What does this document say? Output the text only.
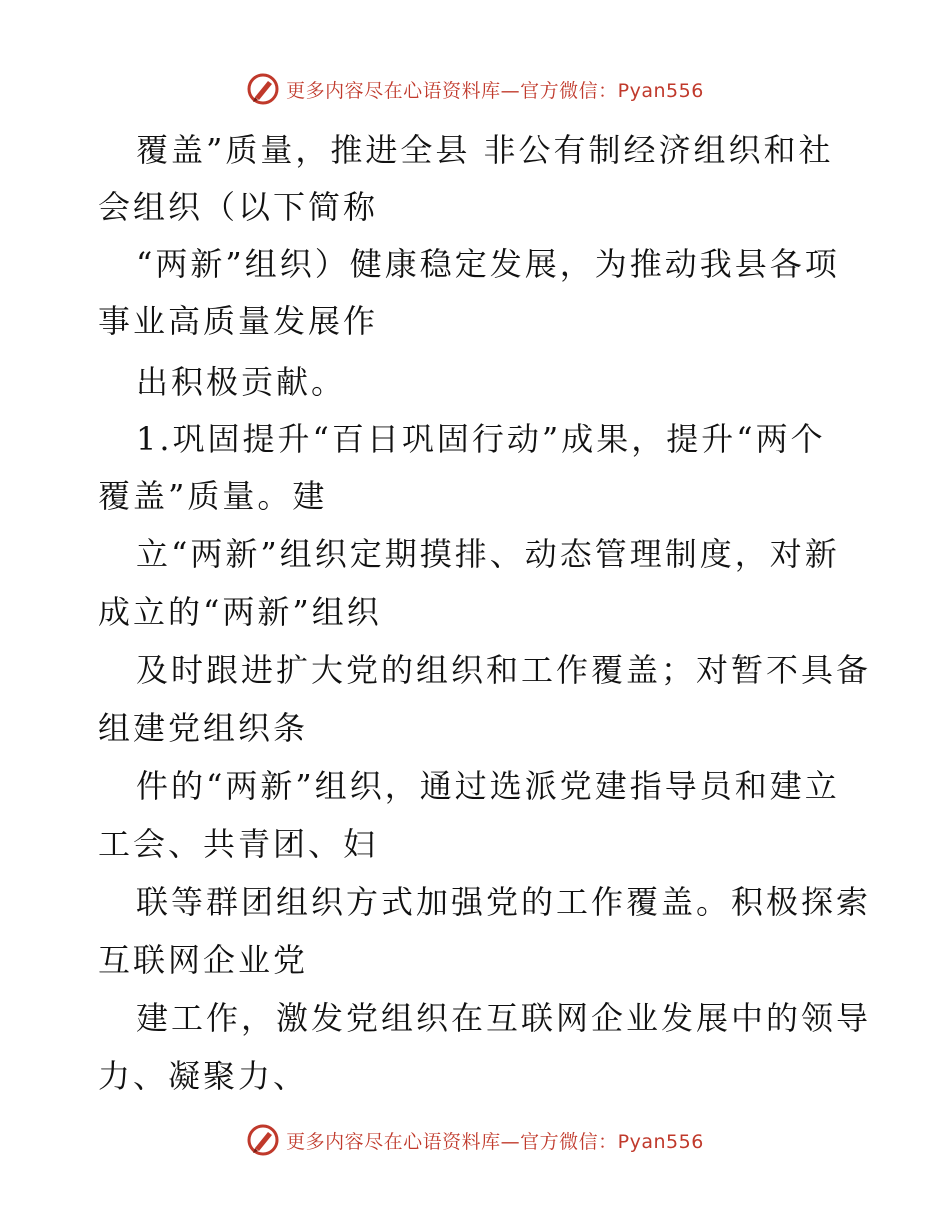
更多内容尽在心语资料库—官方微信：Pyan556
覆盖”质量，推进全县 非公有制经济组织和社
会组织（以下简称
“两新”组织）健康稳定发展，为推动我县各项
事业高质量发展作
出积极贡献。
1.巩固提升“百日巩固行动”成果，提升“两个
覆盖”质量。建
立“两新”组织定期摸排、动态管理制度，对新
成立的“两新”组织
及时跟进扩大党的组织和工作覆盖；对暂不具备
组建党组织条
件的“两新”组织，通过选派党建指导员和建立
工会、共青团、妇
联等群团组织方式加强党的工作覆盖。积极探索
互联网企业党
建工作，激发党组织在互联网企业发展中的领导
力、凝聚力、
更多内容尽在心语资料库—官方微信：Pyan556
